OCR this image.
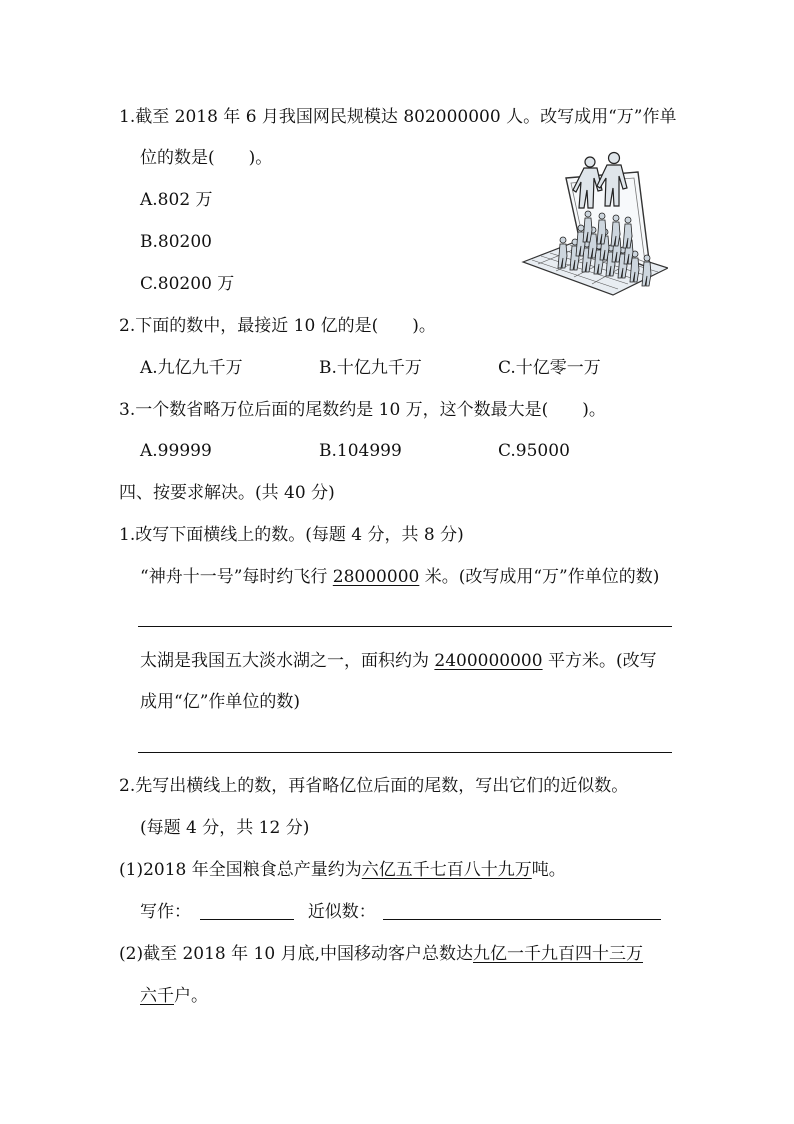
1.截至 2018 年 6 月我国网民规模达 802000000 人。改写成用“万”作单
位的数是(　　)。
A.802 万
B.80200
C.80200 万
2.下面的数中，最接近 10 亿的是(　　)。
A.九亿九千万	B.十亿九千万	C.十亿零一万
3.一个数省略万位后面的尾数约是 10 万，这个数最大是(　　)。
A.99999	B.104999	C.95000
四、按要求解决。(共 40 分)
1.改写下面横线上的数。(每题 4 分，共 8 分)
“神舟十一号”每时约飞行 28000000 米。(改写成用“万”作单位的数)
太湖是我国五大淡水湖之一，面积约为 2400000000 平方米。(改写
成用“亿”作单位的数)
2.先写出横线上的数，再省略亿位后面的尾数，写出它们的近似数。
(每题 4 分，共 12 分)
(1)2018 年全国粮食总产量约为六亿五千七百八十九万吨。
写作：	近似数：
(2)截至 2018 年 10 月底,中国移动客户总数达九亿一千九百四十三万
六千户。
